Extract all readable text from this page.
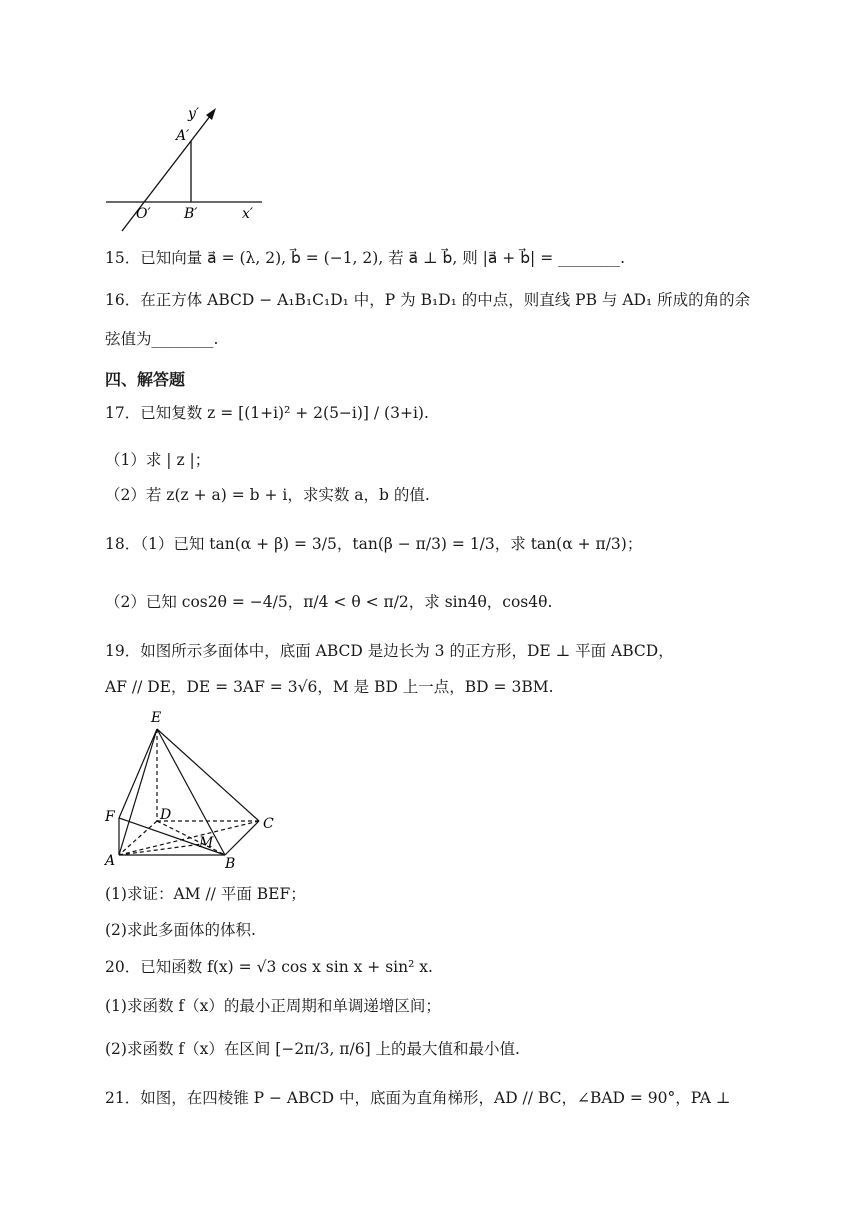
y′
A′
O′ B′	x′
15．已知向量 a⃗ = (λ, 2), b⃗ = (−1, 2), 若 a⃗ ⊥ b⃗, 则 |a⃗ + b⃗| = ________.
16．在正方体 ABCD − A₁B₁C₁D₁ 中，P 为 B₁D₁ 的中点，则直线 PB 与 AD₁ 所成的角的余
弦值为________.
四、解答题
17．已知复数 z = [(1+i)² + 2(5−i)] / (3+i).
（1）求 | z |；
（2）若 z(z + a) = b + i，求实数 a，b 的值.
18．（1）已知 tan(α + β) = 3/5，tan(β − π/3) = 1/3，求 tan(α + π/3)；
（2）已知 cos2θ = −4/5，π/4 < θ < π/2，求 sin4θ，cos4θ.
19．如图所示多面体中，底面 ABCD 是边长为 3 的正方形，DE ⊥ 平面 ABCD，
AF // DE，DE = 3AF = 3√6，M 是 BD 上一点，BD = 3BM.
E
F	D
C
A
M
B
(1)求证：AM // 平面 BEF；
(2)求此多面体的体积.
20．已知函数 f(x) = √3 cos x sin x + sin² x.
(1)求函数 f（x）的最小正周期和单调递增区间；
(2)求函数 f（x）在区间 [−2π/3, π/6] 上的最大值和最小值.
21．如图，在四棱锥 P − ABCD 中，底面为直角梯形，AD // BC，∠BAD = 90°，PA ⊥
